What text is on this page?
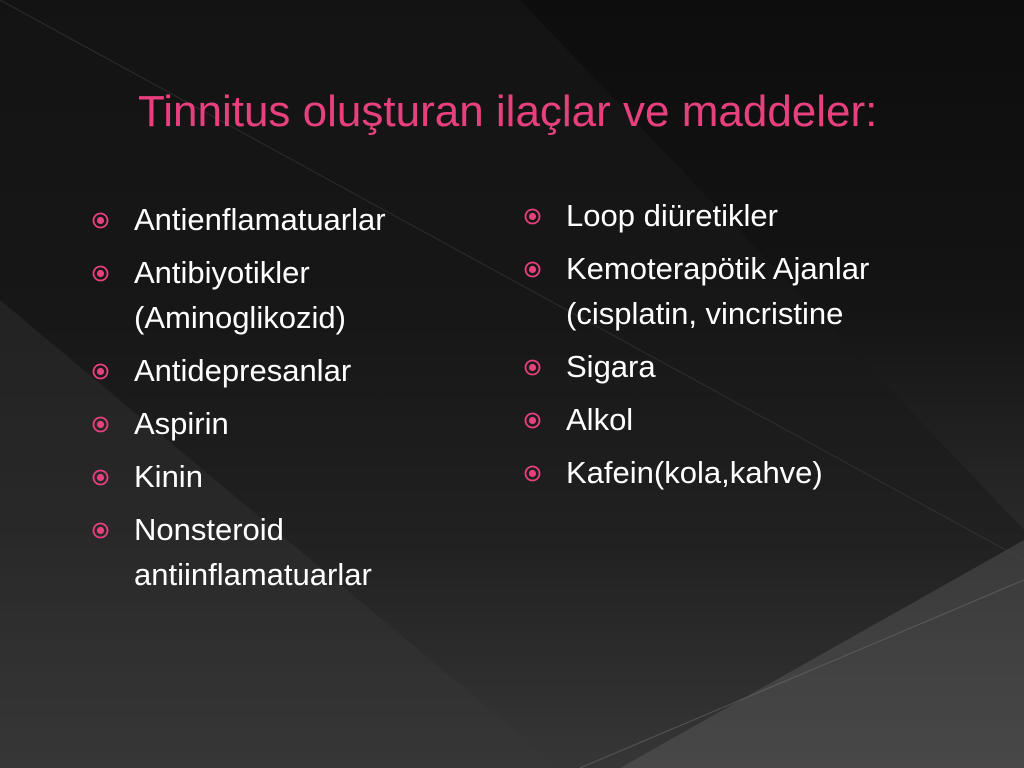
Tinnitus oluşturan ilaçlar ve maddeler:
Antienflamatuarlar
Antibiyotikler (Aminoglikozid)
Antidepresanlar
Aspirin
Kinin
Nonsteroid antiinflamatuarlar
Loop diüretikler
Kemoterapötik Ajanlar (cisplatin, vincristine
Sigara
Alkol
Kafein(kola,kahve)
